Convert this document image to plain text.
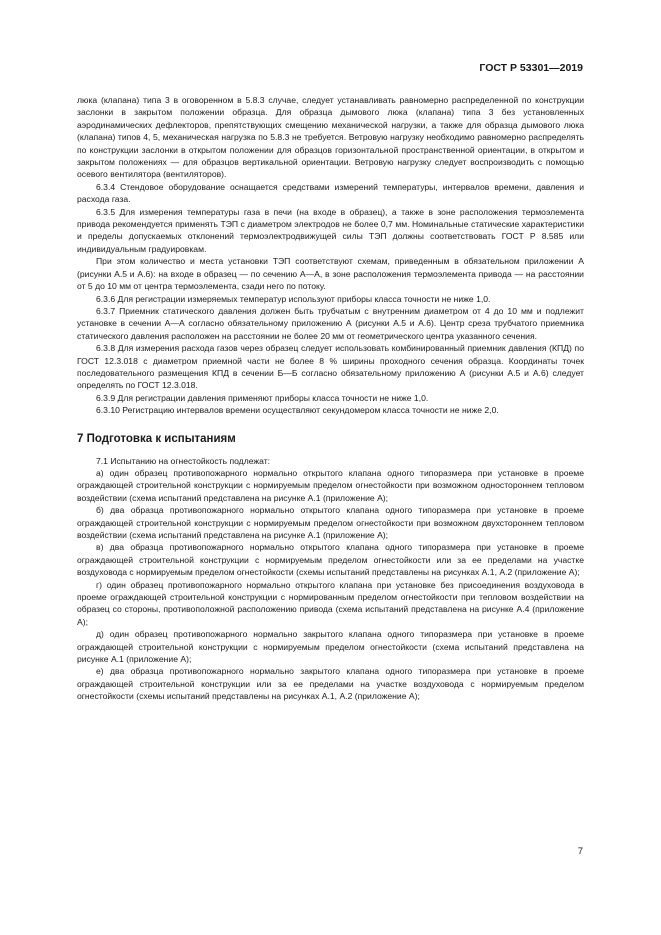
ГОСТ Р 53301—2019

люка (клапана) типа 3 в оговоренном в 5.8.3 случае, следует устанавливать равномерно распределенной по конструкции заслонки в закрытом положении образца. Для образца дымового люка (клапана) типа 3 без установленных аэродинамических дефлекторов, препятствующих смещению механической нагрузки, а также для образца дымового люка (клапана) типов 4, 5, механическая нагрузка по 5.8.3 не требуется. Ветровую нагрузку необходимо равномерно распределять по конструкции заслонки в открытом положении для образцов горизонтальной пространственной ориентации, в открытом и закрытом положениях — для образцов вертикальной ориентации. Ветровую нагрузку следует воспроизводить с помощью осевого вентилятора (вентиляторов).

6.3.4 Стендовое оборудование оснащается средствами измерений температуры, интервалов времени, давления и расхода газа.

6.3.5 Для измерения температуры газа в печи (на входе в образец), а также в зоне расположения термоэлемента привода рекомендуется применять ТЭП с диаметром электродов не более 0,7 мм. Номинальные статические характеристики и пределы допускаемых отклонений термоэлектродвижущей силы ТЭП должны соответствовать ГОСТ Р 8.585 или индивидуальным градуировкам.

При этом количество и места установки ТЭП соответствуют схемам, приведенным в обязательном приложении А (рисунки А.5 и А.6): на входе в образец — по сечению А—А, в зоне расположения термоэлемента привода — на расстоянии от 5 до 10 мм от центра термоэлемента, сзади него по потоку.

6.3.6 Для регистрации измеряемых температур используют приборы класса точности не ниже 1,0.

6.3.7 Приемник статического давления должен быть трубчатым с внутренним диаметром от 4 до 10 мм и подлежит установке в сечении А—А согласно обязательному приложению А (рисунки А.5 и А.6). Центр среза трубчатого приемника статического давления расположен на расстоянии не более 20 мм от геометрического центра указанного сечения.

6.3.8 Для измерения расхода газов через образец следует использовать комбинированный приемник давления (КПД) по ГОСТ 12.3.018 с диаметром приемной части не более 8 % ширины проходного сечения образца. Координаты точек последовательного размещения КПД в сечении Б—Б согласно обязательному приложению А (рисунки А.5 и А.6) следует определять по ГОСТ 12.3.018.

6.3.9 Для регистрации давления применяют приборы класса точности не ниже 1,0.

6.3.10 Регистрацию интервалов времени осуществляют секундомером класса точности не ниже 2,0.

7 Подготовка к испытаниям

7.1 Испытанию на огнестойкость подлежат:

а) один образец противопожарного нормально открытого клапана одного типоразмера при установке в проеме ограждающей строительной конструкции с нормируемым пределом огнестойкости при возможном одностороннем тепловом воздействии (схема испытаний представлена на рисунке А.1 (приложение А);

б) два образца противопожарного нормально открытого клапана одного типоразмера при установке в проеме ограждающей строительной конструкции с нормируемым пределом огнестойкости при возможном двухстороннем тепловом воздействии (схема испытаний представлена на рисунке А.1 (приложение А);

в) два образца противопожарного нормально открытого клапана одного типоразмера при установке в проеме ограждающей строительной конструкции с нормируемым пределом огнестойкости или за ее пределами на участке воздуховода с нормируемым пределом огнестойкости (схемы испытаний представлены на рисунках А.1, А.2 (приложение А);

г) один образец противопожарного нормально открытого клапана при установке без присоединения воздуховода в проеме ограждающей строительной конструкции с нормированным пределом огнестойкости при тепловом воздействии на образец со стороны, противоположной расположению привода (схема испытаний представлена на рисунке А.4 (приложение А);

д) один образец противопожарного нормально закрытого клапана одного типоразмера при установке в проеме ограждающей строительной конструкции с нормируемым пределом огнестойкости (схема испытаний представлена на рисунке А.1 (приложение А);

е) два образца противопожарного нормально закрытого клапана одного типоразмера при установке в проеме ограждающей строительной конструкции или за ее пределами на участке воздуховода с нормируемым пределом огнестойкости (схемы испытаний представлены на рисунках А.1, А.2 (приложение А);

7
